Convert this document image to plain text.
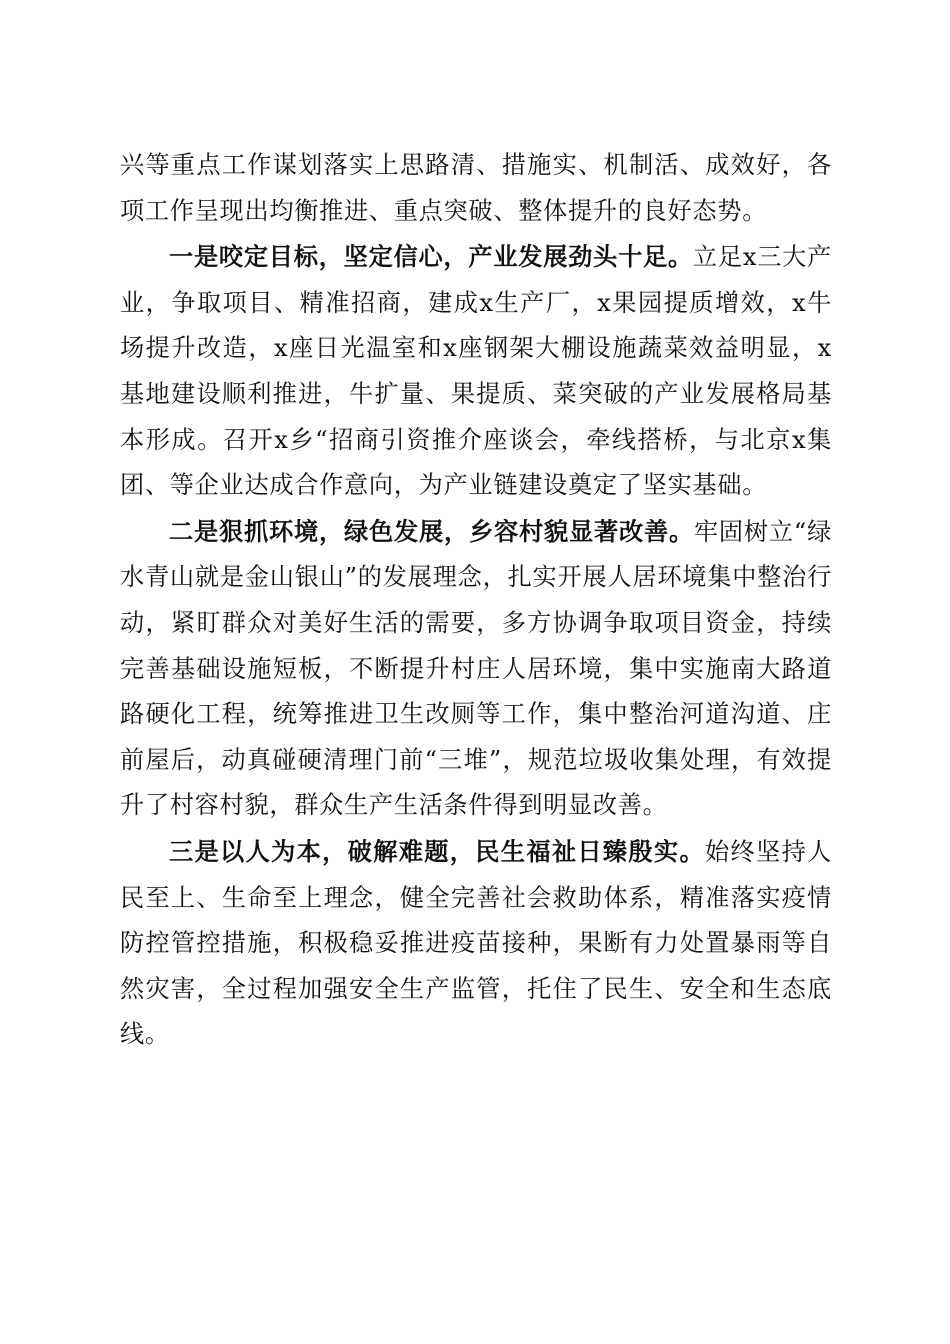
兴等重点工作谋划落实上思路清、措施实、机制活、成效好，各项工作呈现出均衡推进、重点突破、整体提升的良好态势。

一是咬定目标，坚定信心，产业发展劲头十足。立足x三大产业，争取项目、精准招商，建成x生产厂，x果园提质增效，x牛场提升改造，x座日光温室和x座钢架大棚设施蔬菜效益明显，x基地建设顺利推进，牛扩量、果提质、菜突破的产业发展格局基本形成。召开x乡“招商引资推介座谈会，牵线搭桥，与北京x集团、等企业达成合作意向，为产业链建设奠定了坚实基础。

二是狠抓环境，绿色发展，乡容村貌显著改善。牢固树立“绿水青山就是金山银山”的发展理念，扎实开展人居环境集中整治行动，紧盯群众对美好生活的需要，多方协调争取项目资金，持续完善基础设施短板，不断提升村庄人居环境，集中实施南大路道路硬化工程，统筹推进卫生改厕等工作，集中整治河道沟道、庄前屋后，动真碰硬清理门前“三堆”，规范垃圾收集处理，有效提升了村容村貌，群众生产生活条件得到明显改善。

三是以人为本，破解难题，民生福祉日臻殷实。始终坚持人民至上、生命至上理念，健全完善社会救助体系，精准落实疫情防控管控措施，积极稳妥推进疫苗接种，果断有力处置暴雨等自然灾害，全过程加强安全生产监管，托住了民生、安全和生态底线。
